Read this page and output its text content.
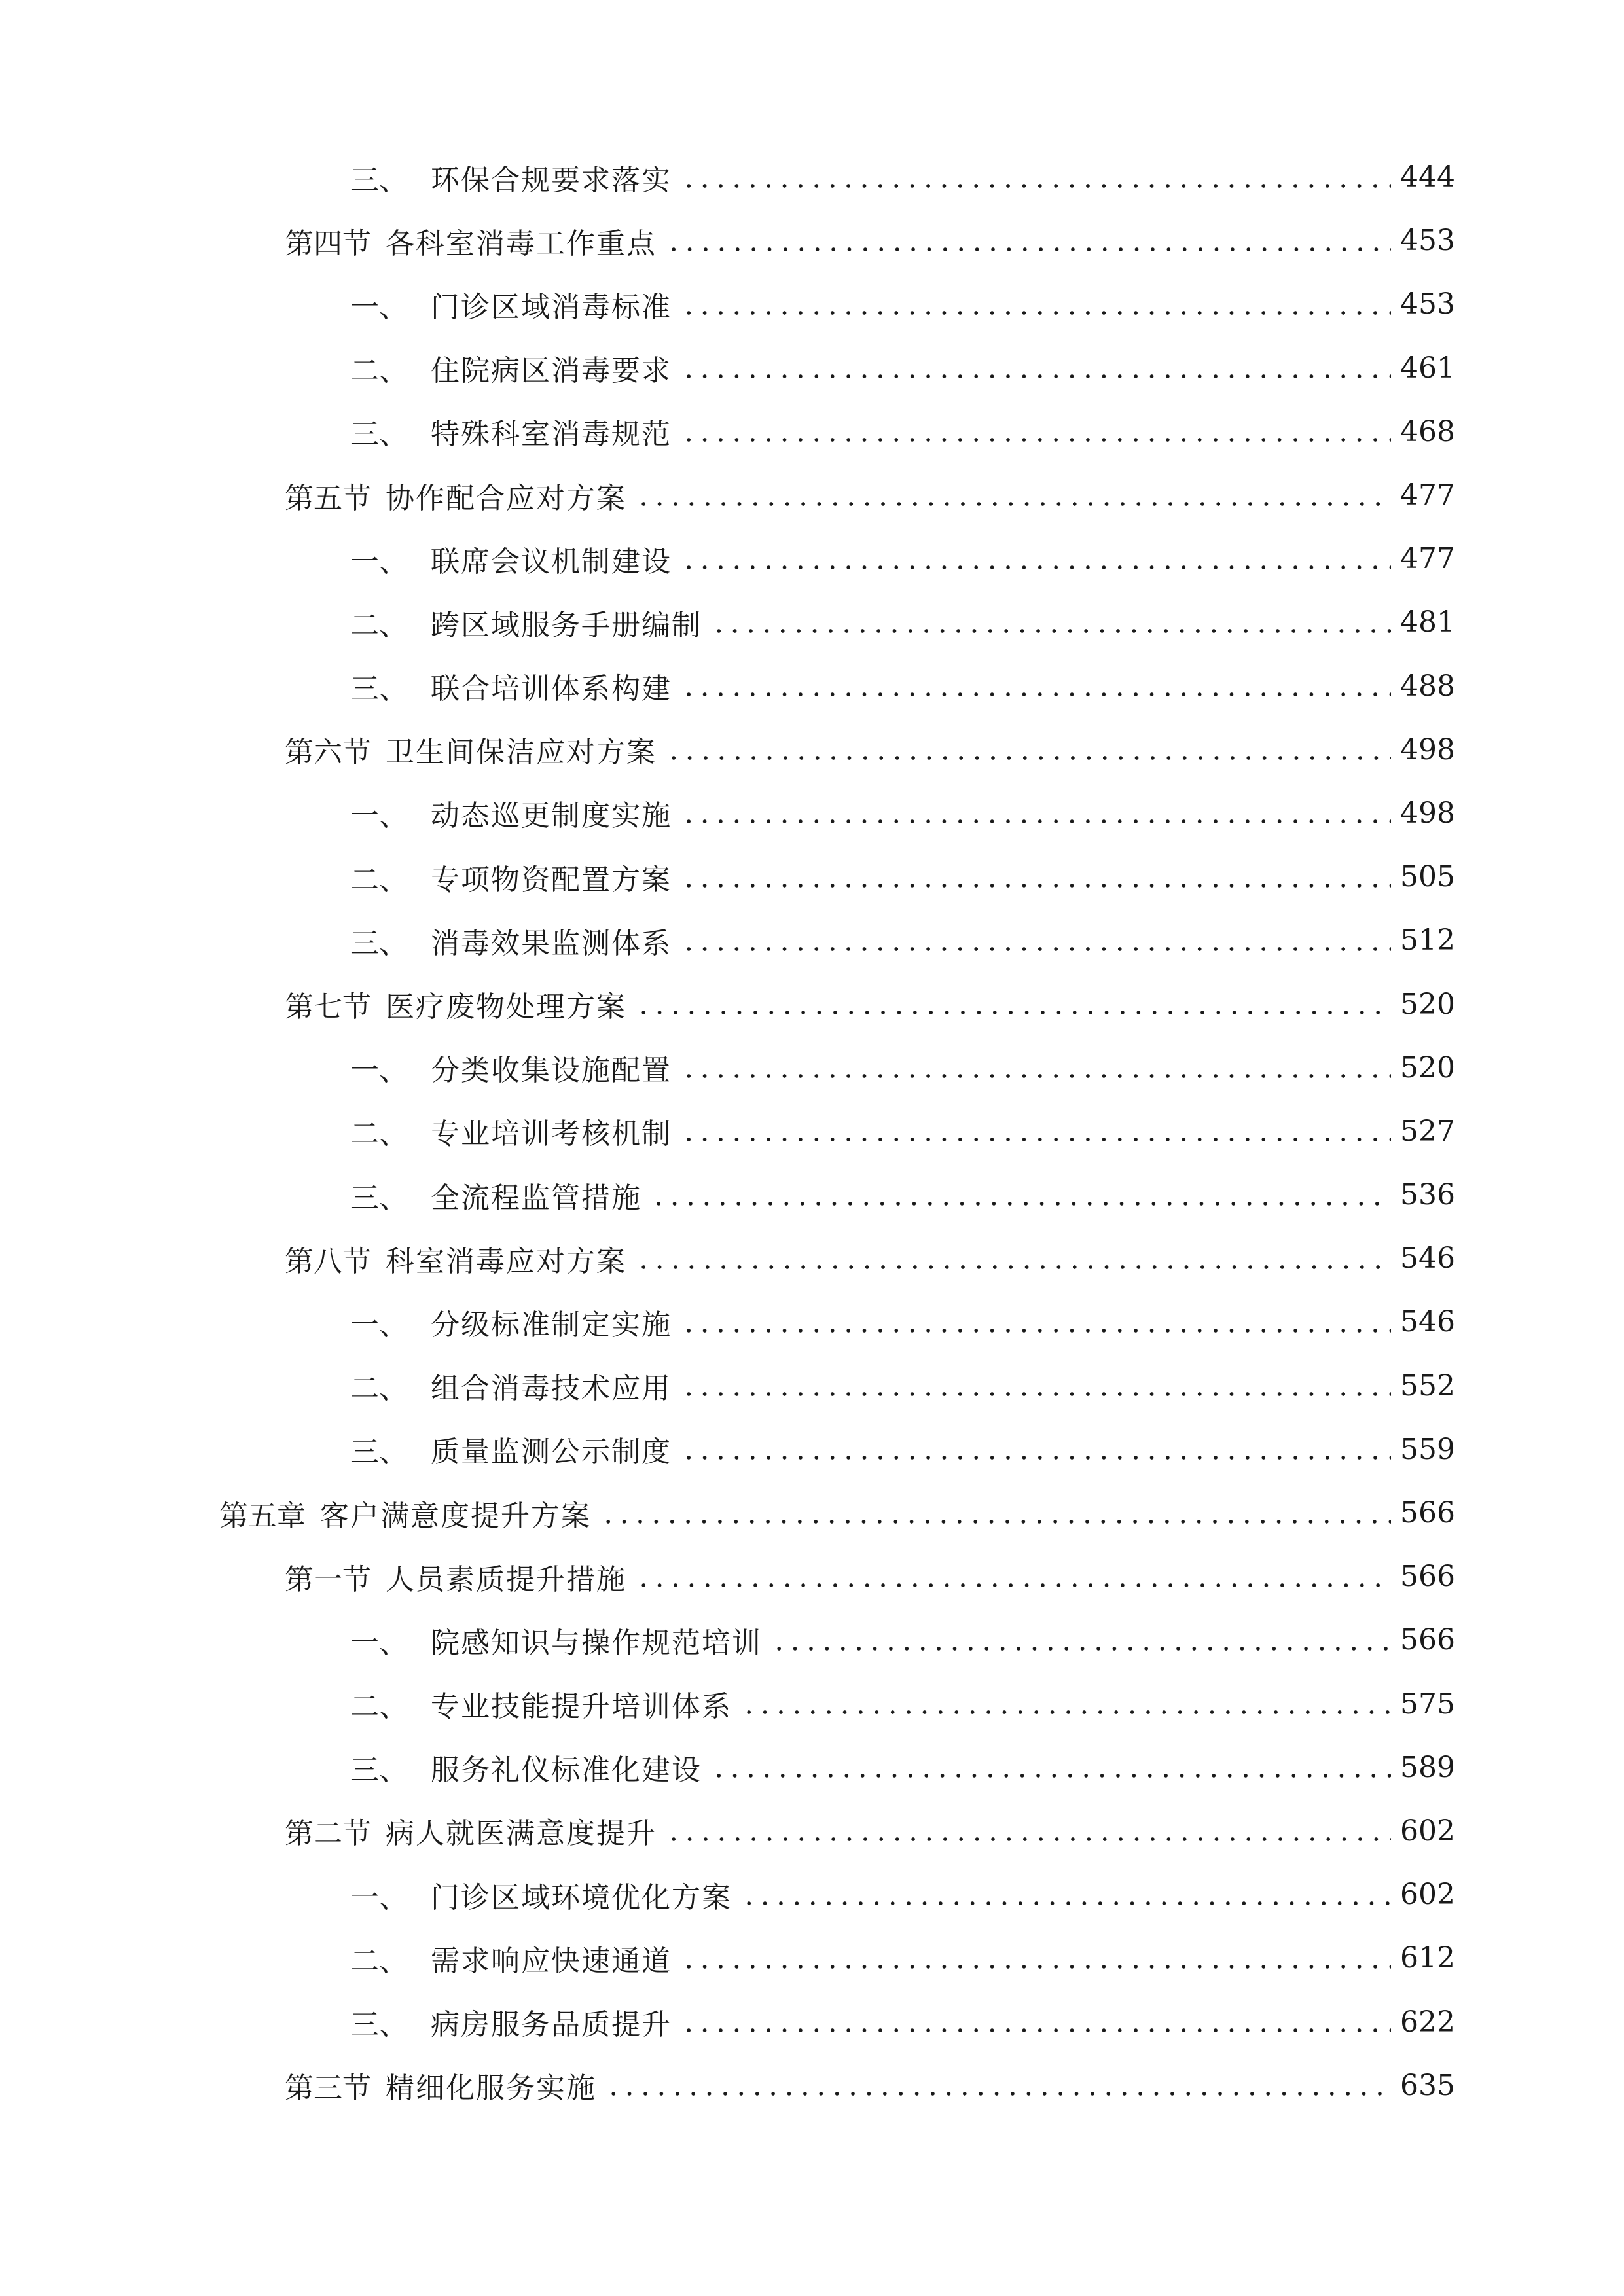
三、 环保合规要求落实	444
第四节 各科室消毒工作重点	453
一、 门诊区域消毒标准	453
二、 住院病区消毒要求	461
三、 特殊科室消毒规范	468
第五节 协作配合应对方案	477
一、 联席会议机制建设	477
二、 跨区域服务手册编制	481
三、 联合培训体系构建	488
第六节 卫生间保洁应对方案	498
一、 动态巡更制度实施	498
二、 专项物资配置方案	505
三、 消毒效果监测体系	512
第七节 医疗废物处理方案	520
一、 分类收集设施配置	520
二、 专业培训考核机制	527
三、 全流程监管措施	536
第八节 科室消毒应对方案	546
一、 分级标准制定实施	546
二、 组合消毒技术应用	552
三、 质量监测公示制度	559
第五章 客户满意度提升方案	566
第一节 人员素质提升措施	566
一、 院感知识与操作规范培训	566
二、 专业技能提升培训体系	575
三、 服务礼仪标准化建设	589
第二节 病人就医满意度提升	602
一、 门诊区域环境优化方案	602
二、 需求响应快速通道	612
三、 病房服务品质提升	622
第三节 精细化服务实施	635
